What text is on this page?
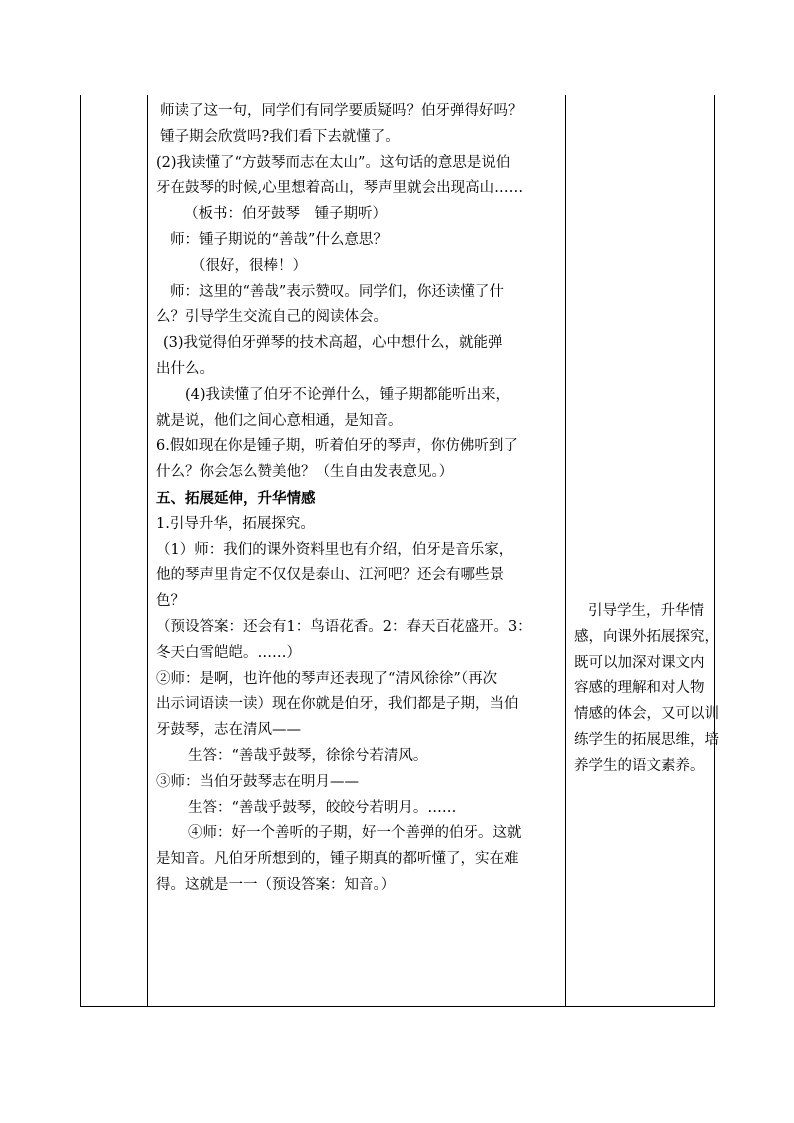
师读了这一句，同学们有同学要质疑吗？伯牙弹得好吗？

锺子期会欣赏吗?我们看下去就懂了。

(2)我读懂了“方鼓琴而志在太山”。这句话的意思是说伯

牙在鼓琴的时候,心里想着高山，琴声里就会出现高山……

（板书：伯牙鼓琴　锺子期听）

师：锺子期说的“善哉”什么意思？

（很好，很棒！）

师：这里的“善哉”表示赞叹。同学们，你还读懂了什

么？引导学生交流自己的阅读体会。

(3)我觉得伯牙弹琴的技术高超，心中想什么，就能弹

出什么。

(4)我读懂了伯牙不论弹什么，锺子期都能听出来，

就是说，他们之间心意相通，是知音。

6.假如现在你是锺子期，听着伯牙的琴声，你仿佛听到了

什么？你会怎么赞美他？（生自由发表意见。）

五、拓展延伸，升华情感

1.引导升华，拓展探究。

（1）师：我们的课外资料里也有介绍，伯牙是音乐家，

他的琴声里肯定不仅仅是泰山、江河吧？还会有哪些景

色？

（预设答案：还会有1：鸟语花香。2：春天百花盛开。3：

冬天白雪皑皑。……）

②师：是啊，也许他的琴声还表现了“清风徐徐”（再次

出示词语读一读）现在你就是伯牙，我们都是子期，当伯

牙鼓琴，志在清风——

生答：“善哉乎鼓琴，徐徐兮若清风。

③师：当伯牙鼓琴志在明月——

生答：“善哉乎鼓琴，皎皎兮若明月。……

④师：好一个善听的子期，好一个善弹的伯牙。这就

是知音。凡伯牙所想到的，锺子期真的都听懂了，实在难

得。这就是一一（预设答案：知音。）

引导学生，升华情

感，向课外拓展探究，

既可以加深对课文内

容感的理解和对人物

情感的体会，又可以训

练学生的拓展思维，培

养学生的语文素养。
